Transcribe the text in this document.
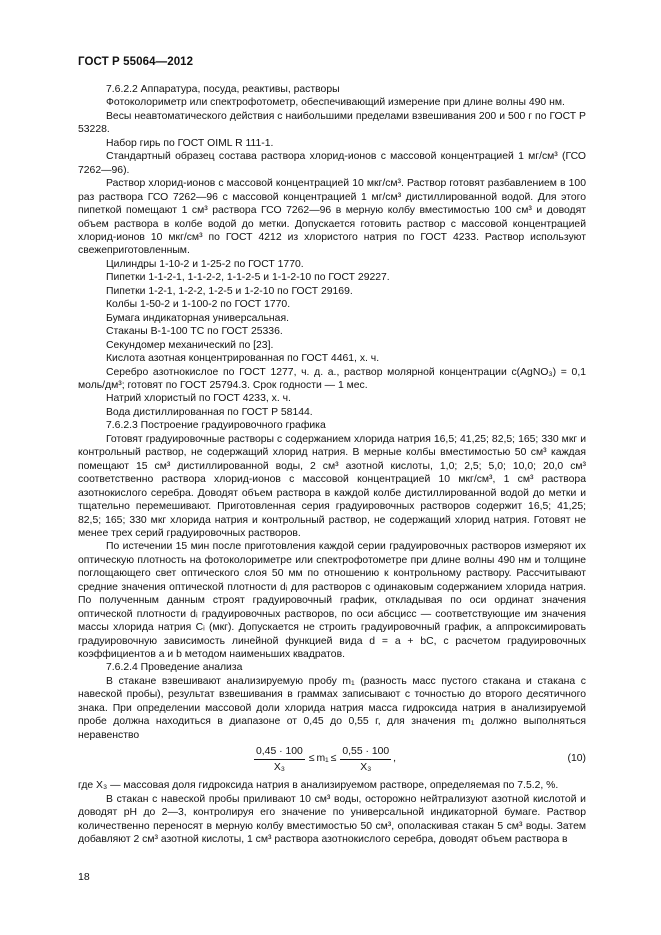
ГОСТ Р 55064—2012

7.6.2.2 Аппаратура, посуда, реактивы, растворы

Фотоколориметр или спектрофотометр, обеспечивающий измерение при длине волны 490 нм.

Весы неавтоматического действия с наибольшими пределами взвешивания 200 и 500 г по ГОСТ Р 53228.

Набор гирь по ГОСТ OIML R 111-1.

Стандартный образец состава раствора хлорид-ионов с массовой концентрацией 1 мг/см³ (ГСО 7262—96).

Раствор хлорид-ионов с массовой концентрацией 10 мкг/см³. Раствор готовят разбавлением в 100 раз раствора ГСО 7262—96 с массовой концентрацией 1 мг/см³ дистиллированной водой. Для этого пипеткой помещают 1 см³ раствора ГСО 7262—96 в мерную колбу вместимостью 100 см³ и доводят объем раствора в колбе водой до метки. Допускается готовить раствор с массовой концентрацией хлорид-ионов 10 мкг/см³ по ГОСТ 4212 из хлористого натрия по ГОСТ 4233. Раствор используют свежеприготовленным.

Цилиндры 1-10-2 и 1-25-2 по ГОСТ 1770.

Пипетки 1-1-2-1, 1-1-2-2, 1-1-2-5 и 1-1-2-10 по ГОСТ 29227.

Пипетки 1-2-1, 1-2-2, 1-2-5 и 1-2-10 по ГОСТ 29169.

Колбы 1-50-2 и 1-100-2 по ГОСТ 1770.

Бумага индикаторная универсальная.

Стаканы В-1-100 ТС по ГОСТ 25336.

Секундомер механический по [23].

Кислота азотная концентрированная по ГОСТ 4461, х. ч.

Серебро азотнокислое по ГОСТ 1277, ч. д. а., раствор молярной концентрации c(AgNO₃) = 0,1 моль/дм³; готовят по ГОСТ 25794.3. Срок годности — 1 мес.

Натрий хлористый по ГОСТ 4233, х. ч.

Вода дистиллированная по ГОСТ Р 58144.

7.6.2.3 Построение градуировочного графика

Готовят градуировочные растворы с содержанием хлорида натрия 16,5; 41,25; 82,5; 165; 330 мкг и контрольный раствор, не содержащий хлорид натрия. В мерные колбы вместимостью 50 см³ каждая помещают 15 см³ дистиллированной воды, 2 см³ азотной кислоты, 1,0; 2,5; 5,0; 10,0; 20,0 см³ соответственно раствора хлорид-ионов с массовой концентрацией 10 мкг/см³, 1 см³ раствора азотнокислого серебра. Доводят объем раствора в каждой колбе дистиллированной водой до метки и тщательно перемешивают. Приготовленная серия градуировочных растворов содержит 16,5; 41,25; 82,5; 165; 330 мкг хлорида натрия и контрольный раствор, не содержащий хлорид натрия. Готовят не менее трех серий градуировочных растворов.

По истечении 15 мин после приготовления каждой серии градуировочных растворов измеряют их оптическую плотность на фотоколориметре или спектрофотометре при длине волны 490 нм и толщине поглощающего свет оптического слоя 50 мм по отношению к контрольному раствору. Рассчитывают средние значения оптической плотности dᵢ для растворов с одинаковым содержанием хлорида натрия. По полученным данным строят градуировочный график, откладывая по оси ординат значения оптической плотности dᵢ градуировочных растворов, по оси абсцисс — соответствующие им значения массы хлорида натрия Cᵢ (мкг). Допускается не строить градуировочный график, а аппроксимировать градуировочную зависимость линейной функцией вида d = a + bC, с расчетом градуировочных коэффициентов a и b методом наименьших квадратов.

7.6.2.4 Проведение анализа

В стакане взвешивают анализируемую пробу m₁ (разность масс пустого стакана и стакана с навеской пробы), результат взвешивания в граммах записывают с точностью до второго десятичного знака. При определении массовой доли хлорида натрия масса гидроксида натрия в анализируемой пробе должна находиться в диапазоне от 0,45 до 0,55 г, для значения m₁ должно выполняться неравенство

$\frac{0,45 \cdot 100}{\text{X₃}} \le m_1 \le \frac{0,55 \cdot 100}{\text{X₃}}$ ,	(10)

где X₃ — массовая доля гидроксида натрия в анализируемом растворе, определяемая по 7.5.2, %.

В стакан с навеской пробы приливают 10 см³ воды, осторожно нейтрализуют азотной кислотой и доводят pH до 2—3, контролируя его значение по универсальной индикаторной бумаге. Раствор количественно переносят в мерную колбу вместимостью 50 см³, ополаскивая стакан 5 см³ воды. Затем добавляют 2 см³ азотной кислоты, 1 см³ раствора азотнокислого серебра, доводят объем раствора в

18
